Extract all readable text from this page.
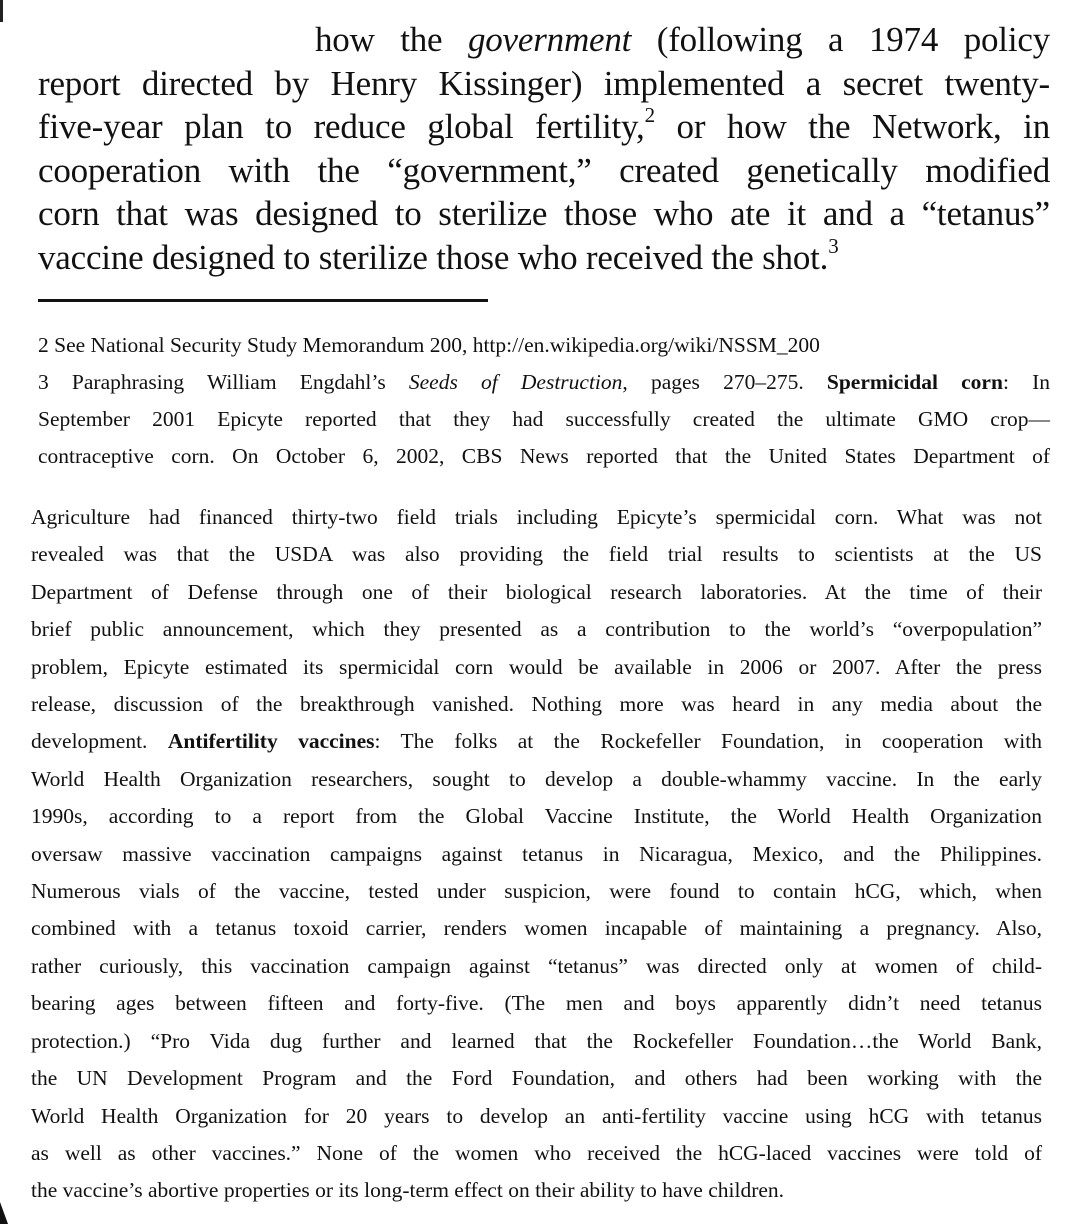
how the government (following a 1974 policy
report directed by Henry Kissinger) implemented a secret twenty-
five-year plan to reduce global fertility,$^2$ or how the Network, in
cooperation with the “government,” created genetically modified
corn that was designed to sterilize those who ate it and a “tetanus”
vaccine designed to sterilize those who received the shot.$^3$
2 See National Security Study Memorandum 200, http://en.wikipedia.org/wiki/NSSM_200
3 Paraphrasing William Engdahl’s Seeds of Destruction, pages 270–275. Spermicidal corn: In
September 2001 Epicyte reported that they had successfully created the ultimate GMO crop—
contraceptive corn. On October 6, 2002, CBS News reported that the United States Department of
Agriculture had financed thirty-two field trials including Epicyte’s spermicidal corn. What was not
revealed was that the USDA was also providing the field trial results to scientists at the US
Department of Defense through one of their biological research laboratories. At the time of their
brief public announcement, which they presented as a contribution to the world’s “overpopulation”
problem, Epicyte estimated its spermicidal corn would be available in 2006 or 2007. After the press
release, discussion of the breakthrough vanished. Nothing more was heard in any media about the
development. Antifertility vaccines: The folks at the Rockefeller Foundation, in cooperation with
World Health Organization researchers, sought to develop a double-whammy vaccine. In the early
1990s, according to a report from the Global Vaccine Institute, the World Health Organization
oversaw massive vaccination campaigns against tetanus in Nicaragua, Mexico, and the Philippines.
Numerous vials of the vaccine, tested under suspicion, were found to contain hCG, which, when
combined with a tetanus toxoid carrier, renders women incapable of maintaining a pregnancy. Also,
rather curiously, this vaccination campaign against “tetanus” was directed only at women of child-
bearing ages between fifteen and forty-five. (The men and boys apparently didn’t need tetanus
protection.) “Pro Vida dug further and learned that the Rockefeller Foundation…the World Bank,
the UN Development Program and the Ford Foundation, and others had been working with the
World Health Organization for 20 years to develop an anti-fertility vaccine using hCG with tetanus
as well as other vaccines.” None of the women who received the hCG-laced vaccines were told of
the vaccine’s abortive properties or its long-term effect on their ability to have children.
